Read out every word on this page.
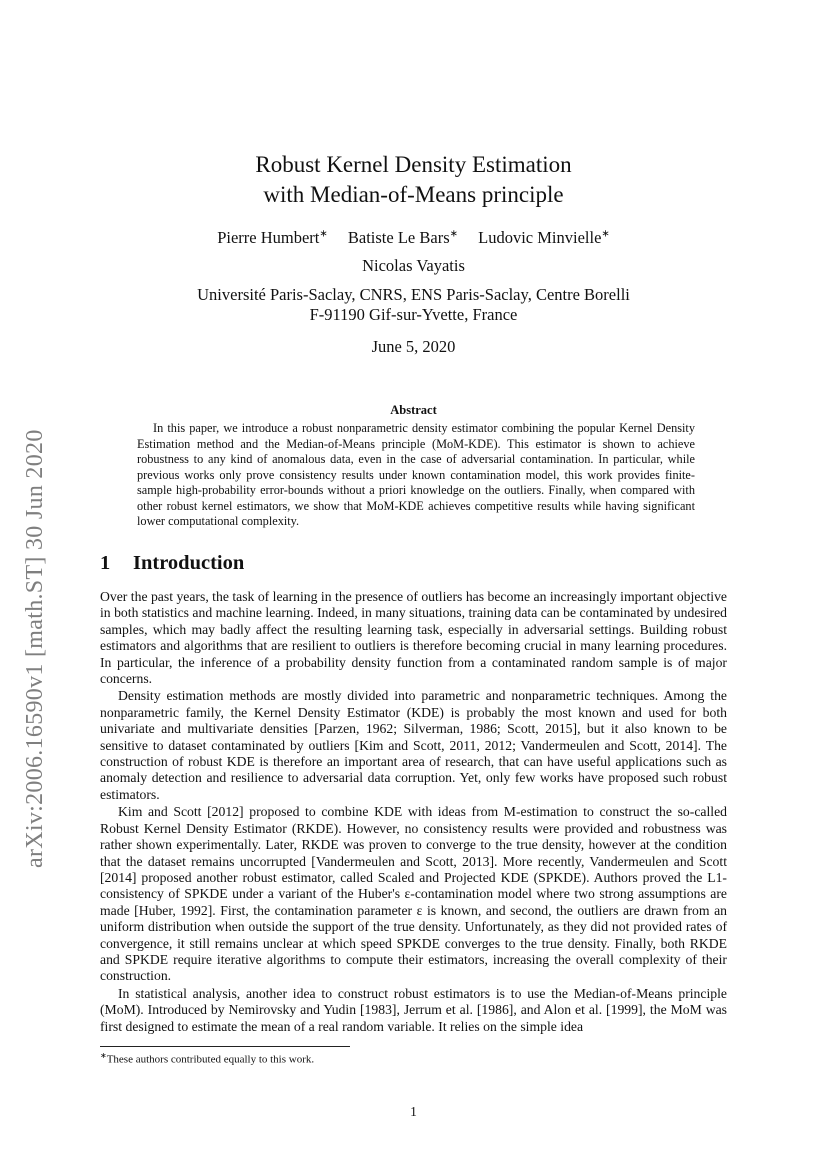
arXiv:2006.16590v1 [math.ST] 30 Jun 2020
Robust Kernel Density Estimation
with Median-of-Means principle
Pierre Humbert∗ Batiste Le Bars∗ Ludovic Minvielle∗
Nicolas Vayatis
Université Paris-Saclay, CNRS, ENS Paris-Saclay, Centre Borelli
F-91190 Gif-sur-Yvette, France
June 5, 2020
Abstract
In this paper, we introduce a robust nonparametric density estimator combining the popular Kernel Density Estimation method and the Median-of-Means principle (MoM-KDE). This estimator is shown to achieve robustness to any kind of anomalous data, even in the case of adversarial contamination. In particular, while previous works only prove consistency results under known contamination model, this work provides finite-sample high-probability error-bounds without a priori knowledge on the outliers. Finally, when compared with other robust kernel estimators, we show that MoM-KDE achieves competitive results while having significant lower computational complexity.
1 Introduction

Over the past years, the task of learning in the presence of outliers has become an increasingly important objective in both statistics and machine learning. Indeed, in many situations, training data can be contaminated by undesired samples, which may badly affect the resulting learning task, especially in adversarial settings. Building robust estimators and algorithms that are resilient to outliers is therefore becoming crucial in many learning procedures. In particular, the inference of a probability density function from a contaminated random sample is of major concerns.

Density estimation methods are mostly divided into parametric and nonparametric techniques. Among the nonparametric family, the Kernel Density Estimator (KDE) is probably the most known and used for both univariate and multivariate densities [Parzen, 1962; Silverman, 1986; Scott, 2015], but it also known to be sensitive to dataset contaminated by outliers [Kim and Scott, 2011, 2012; Vandermeulen and Scott, 2014]. The construction of robust KDE is therefore an important area of research, that can have useful applications such as anomaly detection and resilience to adversarial data corruption. Yet, only few works have proposed such robust estimators.

Kim and Scott [2012] proposed to combine KDE with ideas from M-estimation to construct the so-called Robust Kernel Density Estimator (RKDE). However, no consistency results were provided and robustness was rather shown experimentally. Later, RKDE was proven to converge to the true density, however at the condition that the dataset remains uncorrupted [Vandermeulen and Scott, 2013]. More recently, Vandermeulen and Scott [2014] proposed another robust estimator, called Scaled and Projected KDE (SPKDE). Authors proved the L1-consistency of SPKDE under a variant of the Huber's ε-contamination model where two strong assumptions are made [Huber, 1992]. First, the contamination parameter ε is known, and second, the outliers are drawn from an uniform distribution when outside the support of the true density. Unfortunately, as they did not provided rates of convergence, it still remains unclear at which speed SPKDE converges to the true density. Finally, both RKDE and SPKDE require iterative algorithms to compute their estimators, increasing the overall complexity of their construction.

In statistical analysis, another idea to construct robust estimators is to use the Median-of-Means principle (MoM). Introduced by Nemirovsky and Yudin [1983], Jerrum et al. [1986], and Alon et al. [1999], the MoM was first designed to estimate the mean of a real random variable. It relies on the simple idea

∗These authors contributed equally to this work.
1
